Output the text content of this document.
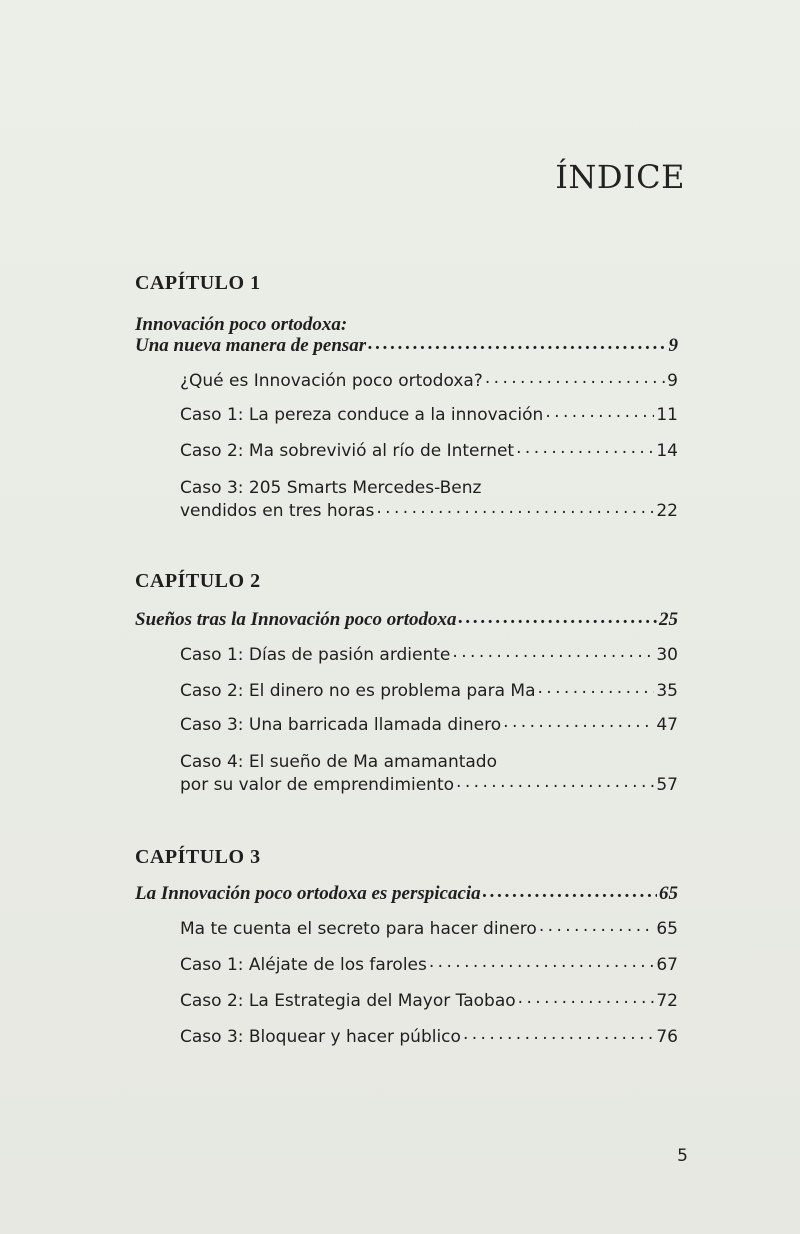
ÍNDICE
CAPÍTULO 1
Innovación poco ortodoxa:
Una nueva manera de pensar . . .	9
¿Qué es Innovación poco ortodoxa? . . .	9
Caso 1: La pereza conduce a la innovación . . .	11
Caso 2: Ma sobrevivió al río de Internet . . .	14
Caso 3: 205 Smarts Mercedes-Benz
vendidos en tres horas . . .	22
CAPÍTULO 2
Sueños tras la Innovación poco ortodoxa . . .	25
Caso 1: Días de pasión ardiente . . .	30
Caso 2: El dinero no es problema para Ma . . .	35
Caso 3: Una barricada llamada dinero . . .	47
Caso 4: El sueño de Ma amamantado
por su valor de emprendimiento . . .	57
CAPÍTULO 3
La Innovación poco ortodoxa es perspicacia . . .	65
Ma te cuenta el secreto para hacer dinero . . .	65
Caso 1: Aléjate de los faroles . . .	67
Caso 2: La Estrategia del Mayor Taobao . . .	72
Caso 3: Bloquear y hacer público . . .	76
5
